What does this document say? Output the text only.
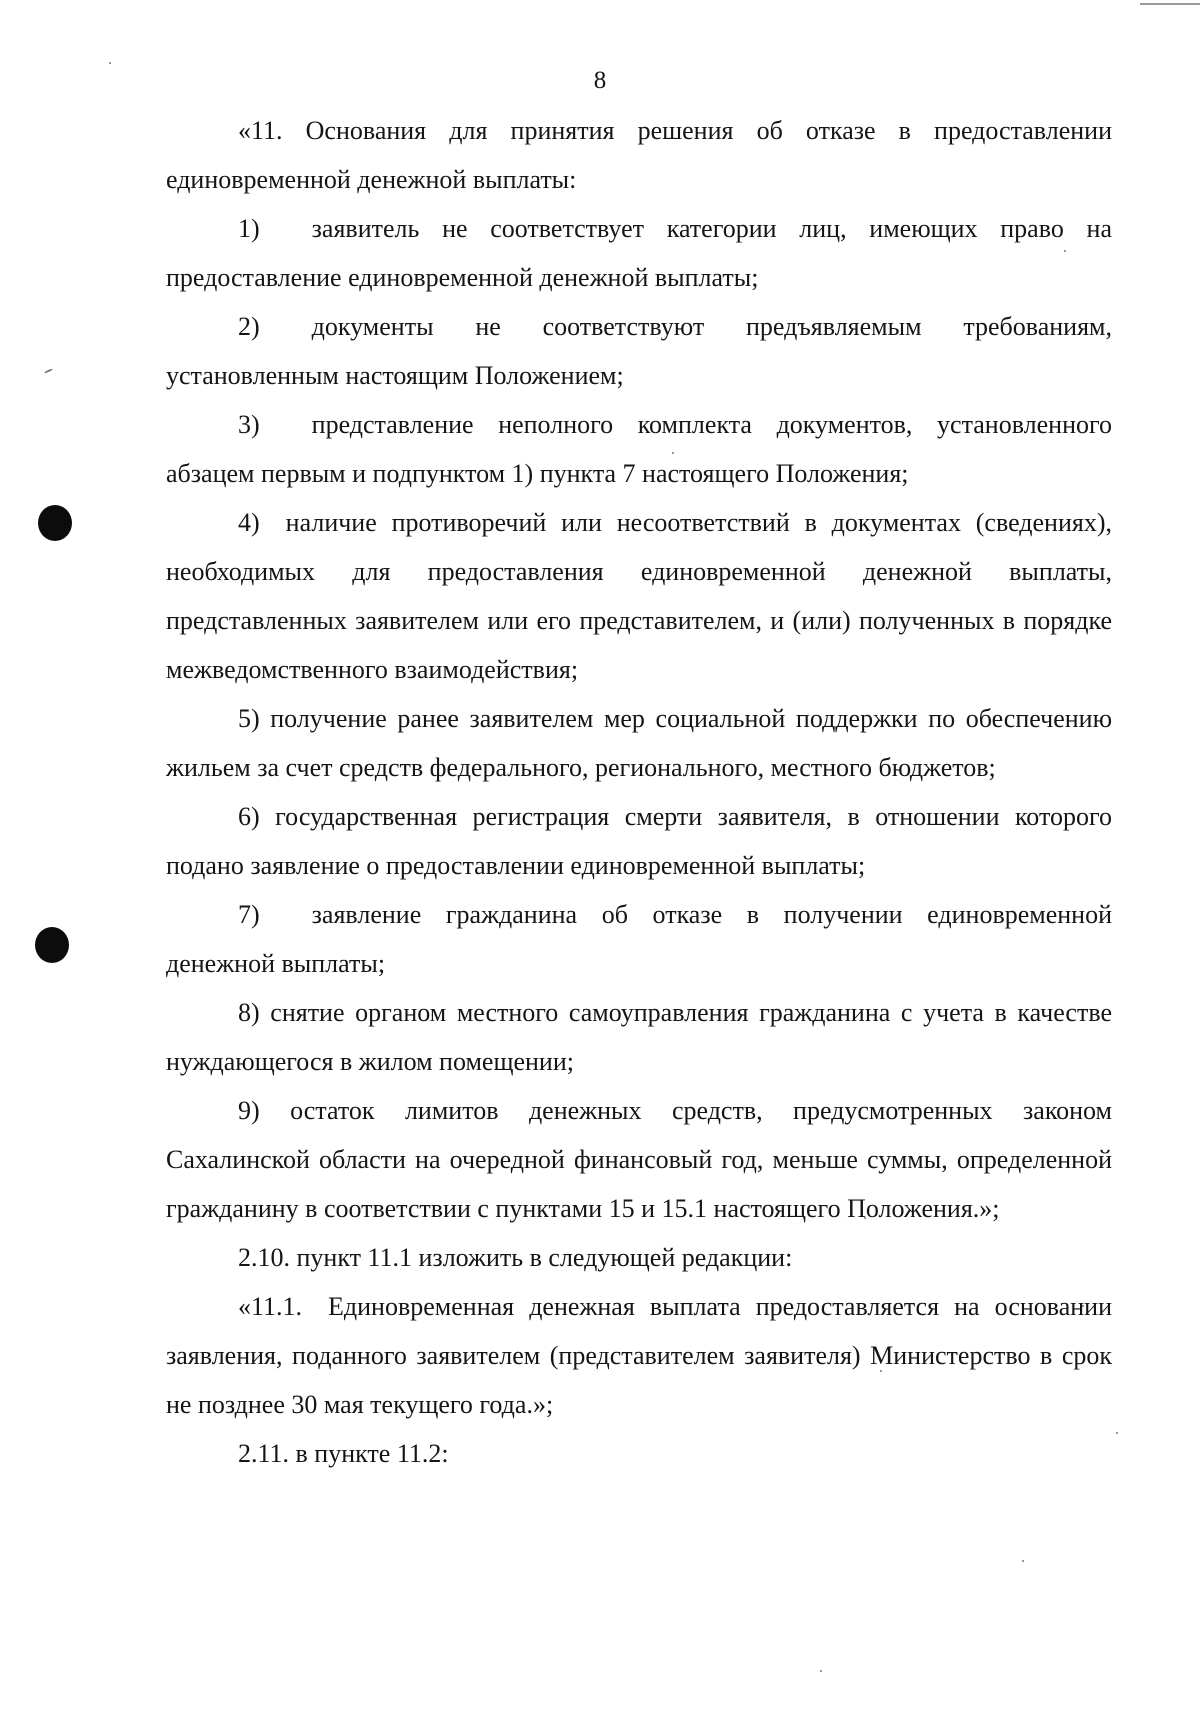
8

«11. Основания для принятия решения об отказе в предоставлении единовременной денежной выплаты:

1)  заявитель не соответствует категории лиц, имеющих право на предоставление единовременной денежной выплаты;

2)  документы не соответствуют предъявляемым требованиям, установленным настоящим Положением;

3)  представление неполного комплекта документов, установленного абзацем первым и подпунктом 1) пункта 7 настоящего Положения;

4) наличие противоречий или несоответствий в документах (сведениях), необходимых для предоставления единовременной денежной выплаты, представленных заявителем или его представителем, и (или) полученных в порядке межведомственного взаимодействия;

5) получение ранее заявителем мер социальной поддержки по обеспечению жильем за счет средств федерального, регионального, местного бюджетов;

6) государственная регистрация смерти заявителя, в отношении которого подано заявление о предоставлении единовременной выплаты;

7)  заявление гражданина об отказе в получении единовременной денежной выплаты;

8) снятие органом местного самоуправления гражданина с учета в качестве нуждающегося в жилом помещении;

9) остаток лимитов денежных средств, предусмотренных законом Сахалинской области на очередной финансовый год, меньше суммы, определенной гражданину в соответствии с пунктами 15 и 15.1 настоящего Положения.»;

2.10. пункт 11.1 изложить в следующей редакции:

«11.1. Единовременная денежная выплата предоставляется на основании заявления, поданного заявителем (представителем заявителя) Министерство в срок не позднее 30 мая текущего года.»;

2.11. в пункте 11.2:
